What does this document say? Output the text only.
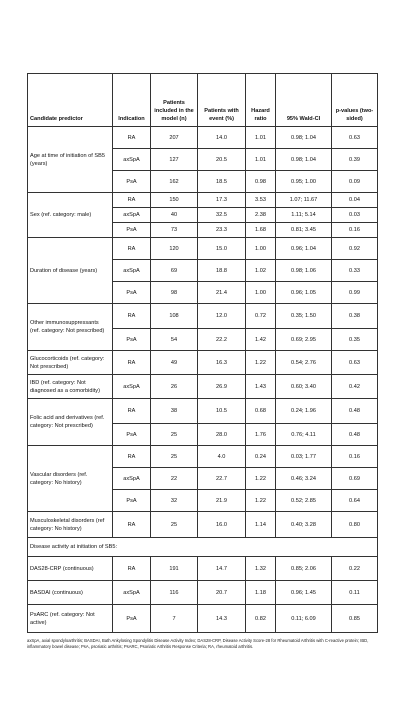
Candidate predictor	Indication	Patients included in the model (n)	Patients with event (%)	Hazard ratio	95% Wald-CI	p-values (two-sided)
Age at time of initiation of SB5 (years)	RA	207	14.0	1.01	0.98; 1.04	0.63
	axSpA	127	20.5	1.01	0.98; 1.04	0.39
	PsA	162	18.5	0.98	0.95; 1.00	0.09
Sex (ref. category: male)	RA	150	17.3	3.53	1.07; 11.67	0.04
	axSpA	40	32.5	2.38	1.11; 5.14	0.03
	PsA	73	23.3	1.68	0.81; 3.45	0.16
Duration of disease (years)	RA	120	15.0	1.00	0.96; 1.04	0.92
	axSpA	69	18.8	1.02	0.98; 1.06	0.33
	PsA	98	21.4	1.00	0.96; 1.05	0.99
Other immunosuppressants (ref. category: Not prescribed)	RA	108	12.0	0.72	0.35; 1.50	0.38
	PsA	54	22.2	1.42	0.69; 2.95	0.35
Glucocorticoids (ref. category: Not prescribed)	RA	49	16.3	1.22	0.54; 2.76	0.63
IBD (ref. category: Not diagnosed as a comorbidity)	axSpA	26	26.9	1.43	0.60; 3.40	0.42
Folic acid and derivatives (ref. category: Not prescribed)	RA	38	10.5	0.68	0.24; 1.96	0.48
	PsA	25	28.0	1.76	0.76; 4.11	0.48
Vascular disorders (ref. category: No history)	RA	25	4.0	0.24	0.03; 1.77	0.16
	axSpA	22	22.7	1.22	0.46; 3.24	0.69
	PsA	32	21.9	1.22	0.52; 2.85	0.64
Musculoskeletal disorders (ref category: No history)	RA	25	16.0	1.14	0.40; 3.28	0.80
Disease activity at initiation of SB5:						
DAS28-CRP (continuous)	RA	191	14.7	1.32	0.85; 2.06	0.22
BASDAI (continuous)	axSpA	116	20.7	1.18	0.96; 1.45	0.11
PsARC (ref. category: Not active)	PsA	7	14.3	0.82	0.11; 6.09	0.85
axSpA, axial spondyloarthritis; BASDAI, Bath Ankylosing Spondylitis Disease Activity Index; DAS28-CRP, Disease Activity Score-28 for Rheumatoid Arthritis with C-reactive protein; IBD, inflammatory bowel disease; PsA, psoriatic arthritis; PsARC, Psoriatic Arthritis Response Criteria; RA, rheumatoid arthritis.
